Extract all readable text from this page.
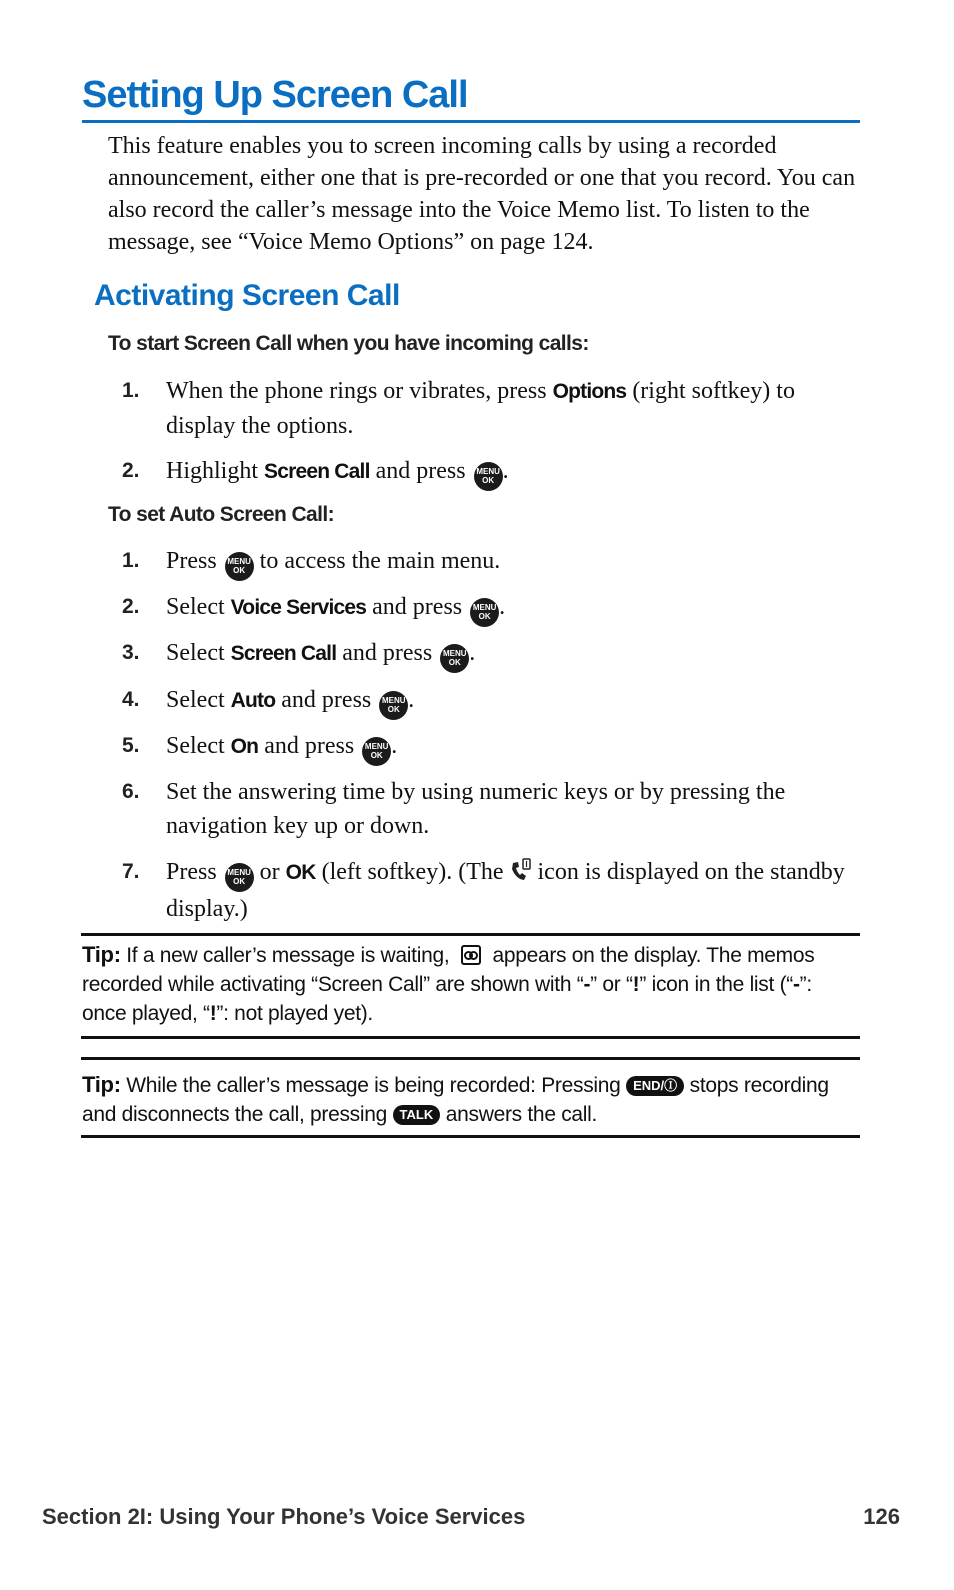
Setting Up Screen Call

This feature enables you to screen incoming calls by using a recorded announcement, either one that is pre-recorded or one that you record. You can also record the caller’s message into the Voice Memo list. To listen to the message, see “Voice Memo Options” on page 124.

Activating Screen Call

To start Screen Call when you have incoming calls:

1.	When the phone rings or vibrates, press Options (right softkey) to display the options.
2.	Highlight Screen Call and press MENU
OK .

To set Auto Screen Call:

1.	Press MENU
OK to access the main menu.
2.	Select Voice Services and press MENU
OK .
3.	Select Screen Call and press MENU
OK .
4.	Select Auto and press MENU
OK .
5.	Select On and press MENU
OK .
6.	Set the answering time by using numeric keys or by pressing the navigation key up or down.
7.	Press MENU
OK or OK (left softkey). (The  icon is displayed on the standby display.)

Tip: If a new caller’s message is waiting,  appears on the display. The memos recorded while activating “Screen Call” are shown with “-” or “!” icon in the list (“-”: once played, “!”: not played yet).

Tip: While the caller’s message is being recorded: Pressing END/Ⓘ stops recording and disconnects the call, pressing TALK answers the call.

Section 2I: Using Your Phone’s Voice Services	126
